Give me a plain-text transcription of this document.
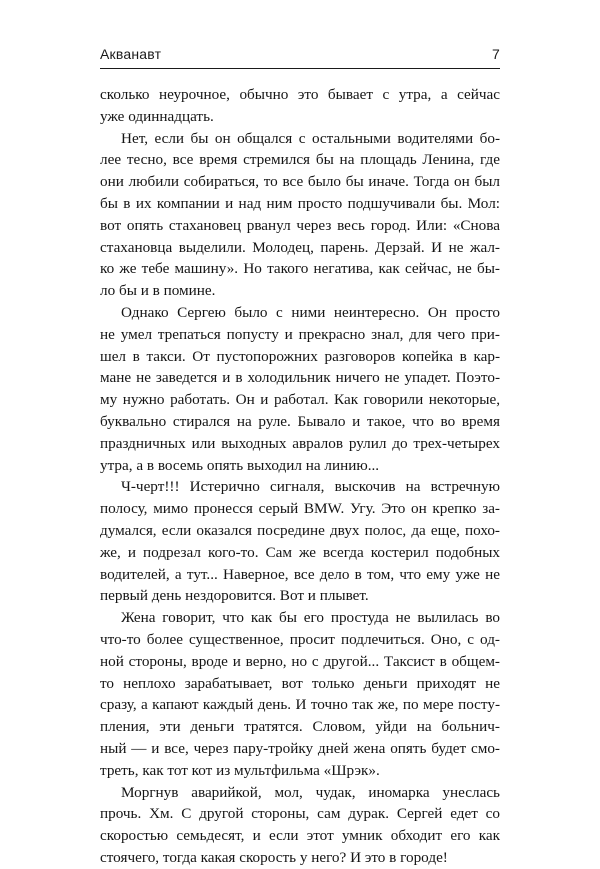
Акванавт	7

сколько неурочное, обычно это бывает с утра, а сейчас
уже одиннадцать.

Нет, если бы он общался с остальными водителями бо-
лее тесно, все время стремился бы на площадь Ленина, где
они любили собираться, то все было бы иначе. Тогда он был
бы в их компании и над ним просто подшучивали бы. Мол:
вот опять стахановец рванул через весь город. Или: «Снова
стахановца выделили. Молодец, парень. Дерзай. И не жал-
ко же тебе машину». Но такого негатива, как сейчас, не бы-
ло бы и в помине.

Однако Сергею было с ними неинтересно. Он просто
не умел трепаться попусту и прекрасно знал, для чего при-
шел в такси. От пустопорожних разговоров копейка в кар-
мане не заведется и в холодильник ничего не упадет. Поэто-
му нужно работать. Он и работал. Как говорили некоторые,
буквально стирался на руле. Бывало и такое, что во время
праздничных или выходных авралов рулил до трех-четырех
утра, а в восемь опять выходил на линию...

Ч-черт!!! Истерично сигналя, выскочив на встречную
полосу, мимо пронесся серый BMW. Угу. Это он крепко за-
думался, если оказался посредине двух полос, да еще, похо-
же, и подрезал кого-то. Сам же всегда костерил подобных
водителей, а тут... Наверное, все дело в том, что ему уже не
первый день нездоровится. Вот и плывет.

Жена говорит, что как бы его простуда не вылилась во
что-то более существенное, просит подлечиться. Оно, с од-
ной стороны, вроде и верно, но с другой... Таксист в общем-
то неплохо зарабатывает, вот только деньги приходят не
сразу, а капают каждый день. И точно так же, по мере посту-
пления, эти деньги тратятся. Словом, уйди на больнич-
ный — и все, через пару-тройку дней жена опять будет смо-
треть, как тот кот из мультфильма «Шрэк».

Моргнув аварийкой, мол, чудак, иномарка унеслась
прочь. Хм. С другой стороны, сам дурак. Сергей едет со
скоростью семьдесят, и если этот умник обходит его как
стоячего, тогда какая скорость у него? И это в городе!
